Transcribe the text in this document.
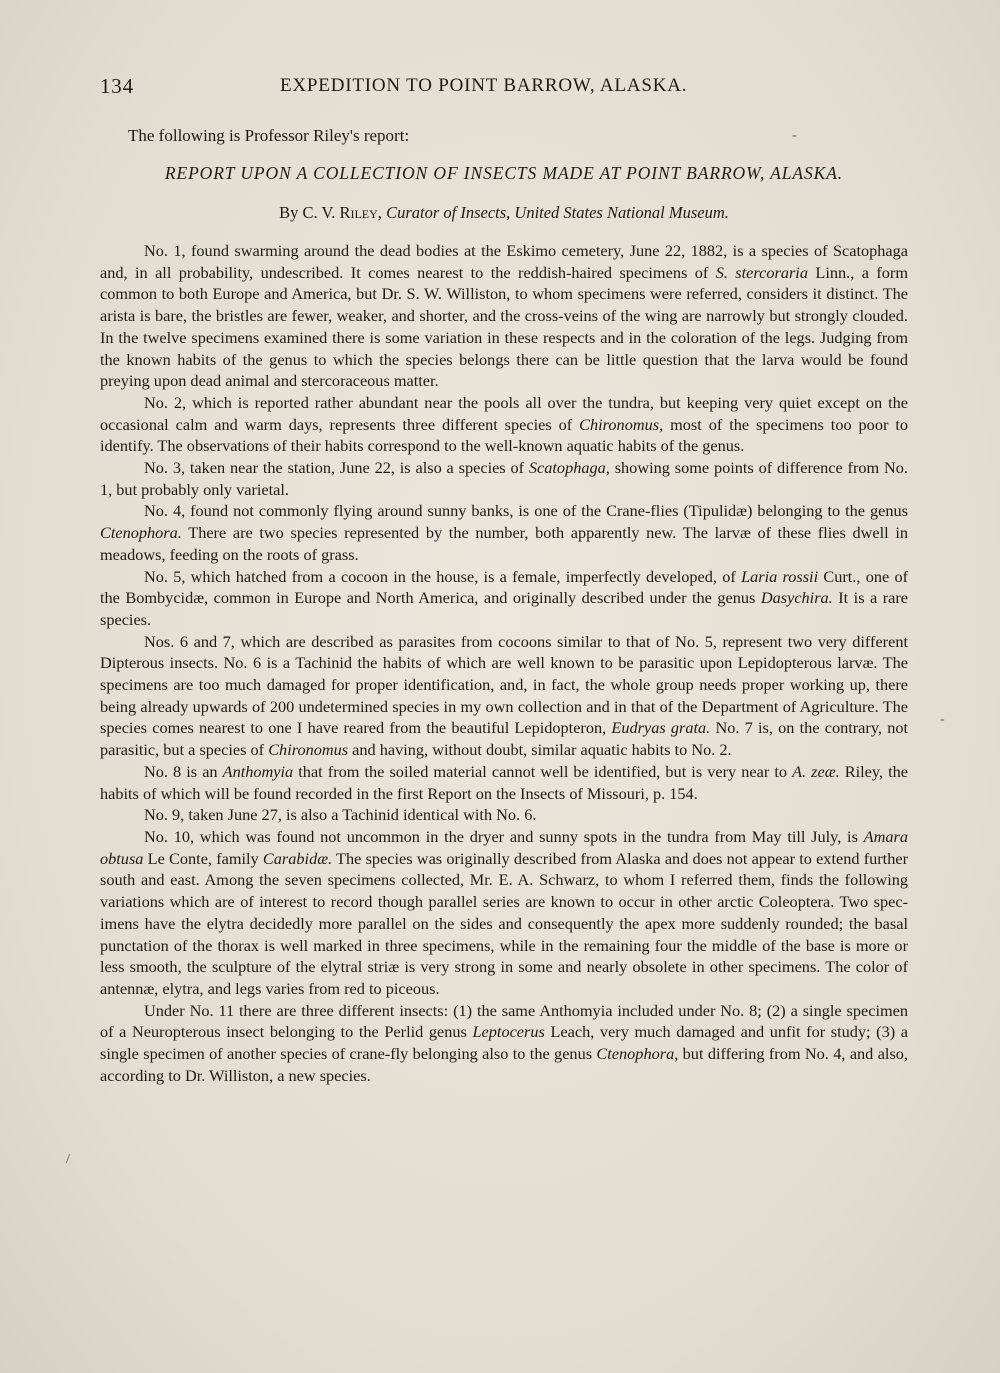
134	EXPEDITION TO POINT BARROW, ALASKA.
The following is Professor Riley's report:
REPORT UPON A COLLECTION OF INSECTS MADE AT POINT BARROW, ALASKA.
By C. V. Riley, Curator of Insects, United States National Museum.

No. 1, found swarming around the dead bodies at the Eskimo cemetery, June 22, 1882, is a species of Scatophaga and, in all probability, undescribed. It comes nearest to the reddish-haired specimens of S. stercoraria Linn., a form common to both Europe and America, but Dr. S. W. Williston, to whom specimens were referred, considers it distinct. The arista is bare, the bristles are fewer, weaker, and shorter, and the cross-veins of the wing are narrowly but strongly clouded. In the twelve specimens examined there is some variation in these respects and in the coloration of the legs. Judging from the known habits of the genus to which the species belongs there can be little question that the larva would be found preying upon dead animal and stercoraceous matter.

No. 2, which is reported rather abundant near the pools all over the tundra, but keeping very quiet except on the occasional calm and warm days, represents three different species of Chironomus, most of the specimens too poor to identify. The observations of their habits correspond to the well-known aquatic habits of the genus.

No. 3, taken near the station, June 22, is also a species of Scatophaga, showing some points of difference from No. 1, but probably only varietal.

No. 4, found not commonly flying around sunny banks, is one of the Crane-flies (Tipulidæ) belonging to the genus Ctenophora. There are two species represented by the number, both apparently new. The larvæ of these flies dwell in meadows, feeding on the roots of grass.

No. 5, which hatched from a cocoon in the house, is a female, imperfectly developed, of Laria rossii Curt., one of the Bombycidæ, common in Europe and North America, and originally described under the genus Dasychira. It is a rare species.

Nos. 6 and 7, which are described as parasites from cocoons similar to that of No. 5, represent two very different Dipterous insects. No. 6 is a Tachinid the habits of which are well known to be parasitic upon Lepidopterous larvæ. The specimens are too much damaged for proper identification, and, in fact, the whole group needs proper working up, there being already upwards of 200 undetermined species in my own collection and in that of the Department of Agriculture. The species comes nearest to one I have reared from the beautiful Lepidopteron, Eudryas grata. No. 7 is, on the contrary, not parasitic, but a species of Chironomus and having, without doubt, similar aquatic habits to No. 2.

No. 8 is an Anthomyia that from the soiled material cannot well be identified, but is very near to A. zeæ. Riley, the habits of which will be found recorded in the first Report on the Insects of Missouri, p. 154.

No. 9, taken June 27, is also a Tachinid identical with No. 6.

No. 10, which was found not uncommon in the dryer and sunny spots in the tundra from May till July, is Amara obtusa Le Conte, family Carabidæ. The species was originally described from Alaska and does not appear to extend further south and east. Among the seven specimens collected, Mr. E. A. Schwarz, to whom I referred them, finds the following variations which are of interest to record though parallel series are known to occur in other arctic Coleoptera. Two specimens have the elytra decidedly more parallel on the sides and consequently the apex more suddenly rounded; the basal punctation of the thorax is well marked in three specimens, while in the remaining four the middle of the base is more or less smooth, the sculpture of the elytral striæ is very strong in some and nearly obsolete in other specimens. The color of antennæ, elytra, and legs varies from red to piceous.

Under No. 11 there are three different insects: (1) the same Anthomyia included under No. 8; (2) a single specimen of a Neuropterous insect belonging to the Perlid genus Leptocerus Leach, very much damaged and unfit for study; (3) a single specimen of another species of crane-fly belonging also to the genus Ctenophora, but differing from No. 4, and also, according to Dr. Williston, a new species.

-
-
/
